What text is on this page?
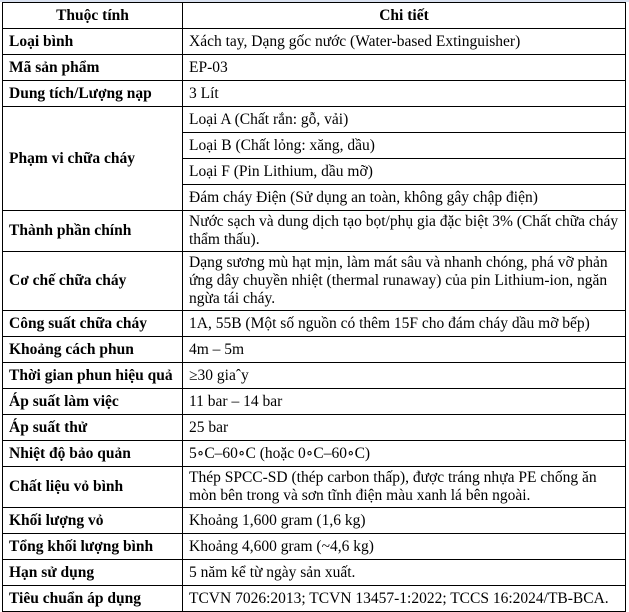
Thuộc tính	Chi tiết
Loại bình	Xách tay, Dạng gốc nước (Water-based Extinguisher)
Mã sản phẩm	EP-03
Dung tích/Lượng nạp	3 Lít
Phạm vi chữa cháy	Loại A (Chất rắn: gỗ, vải)
	Loại B (Chất lỏng: xăng, dầu)
	Loại F (Pin Lithium, dầu mỡ)
	Đám cháy Điện (Sử dụng an toàn, không gây chập điện)
Thành phần chính	Nước sạch và dung dịch tạo bọt/phụ gia đặc biệt 3% (Chất chữa cháy thẩm thấu).
Cơ chế chữa cháy	Dạng sương mù hạt mịn, làm mát sâu và nhanh chóng, phá vỡ phản ứng dây chuyền nhiệt (thermal runaway) của pin Lithium-ion, ngăn ngừa tái cháy.
Công suất chữa cháy	1A, 55B (Một số nguồn có thêm 15F cho đám cháy dầu mỡ bếp)
Khoảng cách phun	4m – 5m
Thời gian phun hiệu quả	≥30 giaˆy
Áp suất làm việc	11 bar – 14 bar
Áp suất thử	25 bar
Nhiệt độ bảo quản	5∘C–60∘C (hoặc 0∘C–60∘C)
Chất liệu vỏ bình	Thép SPCC-SD (thép carbon thấp), được tráng nhựa PE chống ăn mòn bên trong và sơn tĩnh điện màu xanh lá bên ngoài.
Khối lượng vỏ	Khoảng 1,600 gram (1,6 kg)
Tổng khối lượng bình	Khoảng 4,600 gram (~4,6 kg)
Hạn sử dụng	5 năm kể từ ngày sản xuất.
Tiêu chuẩn áp dụng	TCVN 7026:2013; TCVN 13457-1:2022; TCCS 16:2024/TB-BCA.
